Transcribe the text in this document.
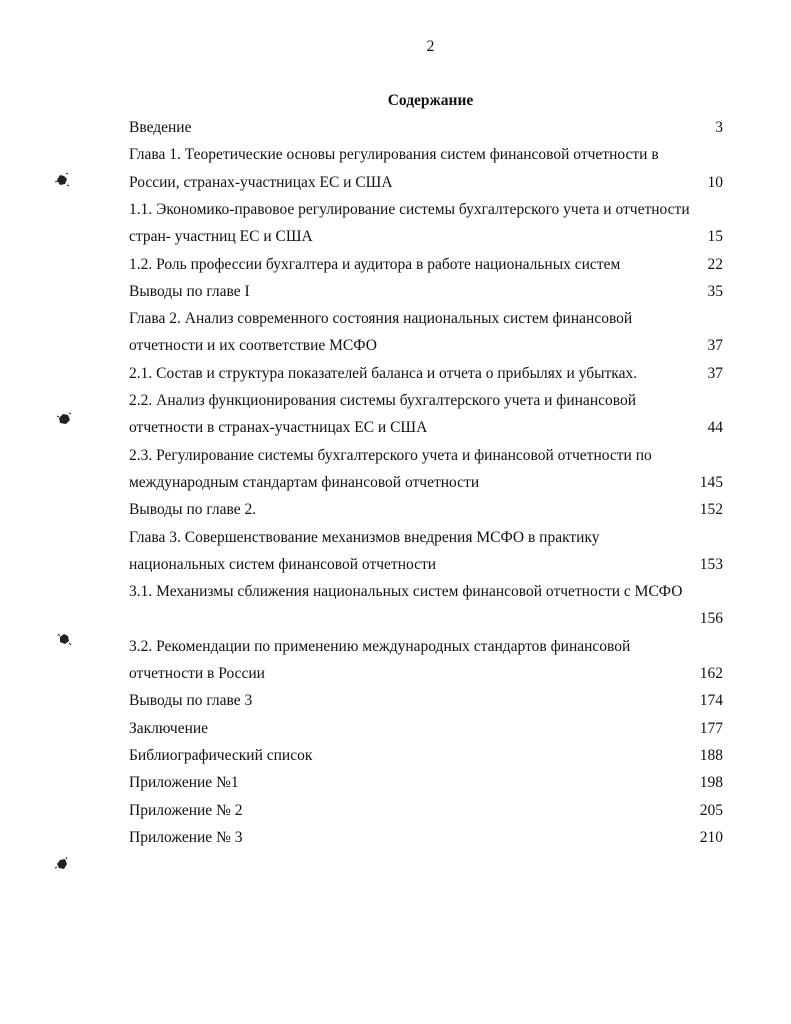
2
Содержание
Введение	3
Глава 1. Теоретические основы регулирования систем финансовой отчетности в
России, странах-участницах ЕС и США	10
1.1. Экономико-правовое регулирование системы бухгалтерского учета и отчетности
стран- участниц ЕС и США	15
1.2. Роль профессии бухгалтера и аудитора в работе национальных систем	22
Выводы по главе I	35
Глава 2. Анализ современного состояния национальных систем финансовой
отчетности и их соответствие МСФО	37
2.1. Состав и структура показателей баланса и отчета о прибылях и убытках.	37
2.2. Анализ функционирования системы бухгалтерского учета и финансовой
отчетности в странах-участницах ЕС и США	44
2.3. Регулирование системы бухгалтерского учета и финансовой отчетности по
международным стандартам финансовой отчетности	145
Выводы по главе 2.	152
Глава 3. Совершенствование механизмов внедрения МСФО в практику
национальных систем финансовой отчетности	153
3.1. Механизмы сближения национальных систем финансовой отчетности с МСФО
156
3.2. Рекомендации по применению международных стандартов финансовой
отчетности в России	162
Выводы по главе 3	174
Заключение	177
Библиографический список	188
Приложение №1	198
Приложение № 2	205
Приложение № 3	210
